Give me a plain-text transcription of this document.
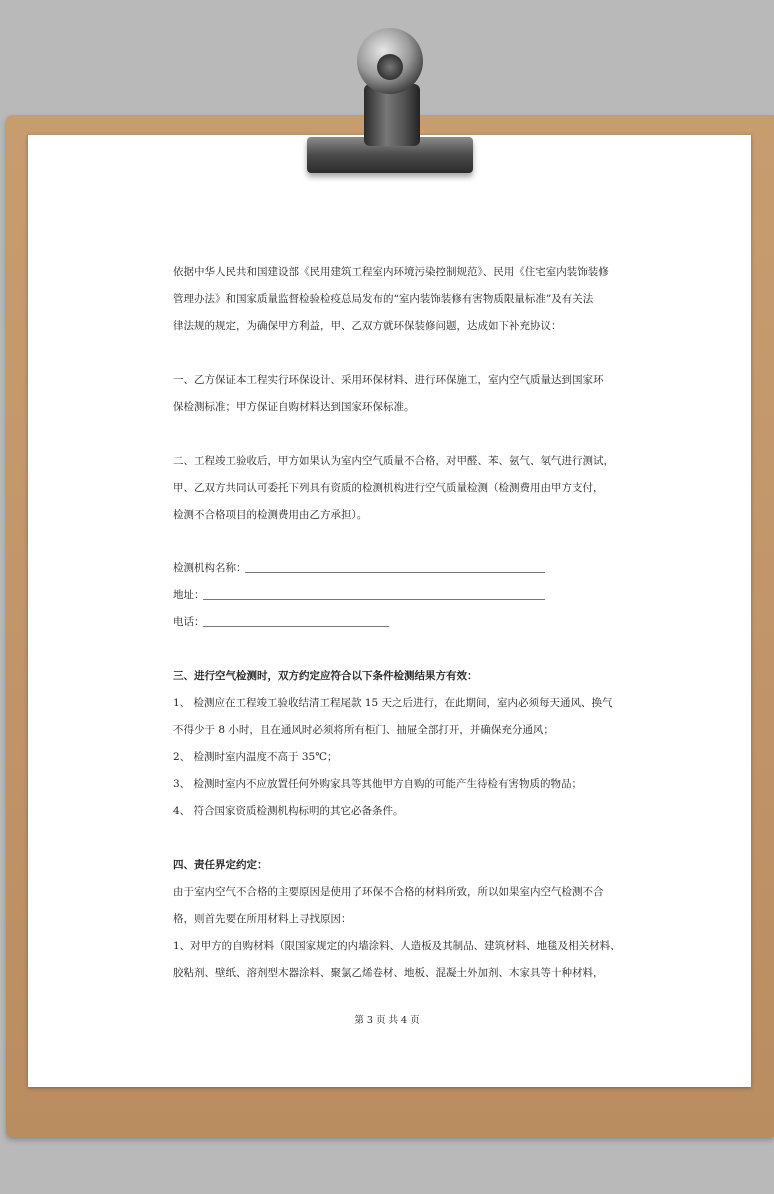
依据中华人民共和国建设部《民用建筑工程室内环境污染控制规范》、民用《住宅室内装饰装修
管理办法》和国家质量监督检验检疫总局发布的“室内装饰装修有害物质限量标准”及有关法
律法规的规定，为确保甲方利益，甲、乙双方就环保装修问题，达成如下补充协议：
一、乙方保证本工程实行环保设计、采用环保材料、进行环保施工，室内空气质量达到国家环
保检测标准；甲方保证自购材料达到国家环保标准。
二、工程竣工验收后，甲方如果认为室内空气质量不合格，对甲醛、苯、氨气、氡气进行测试，
甲、乙双方共同认可委托下列具有资质的检测机构进行空气质量检测（检测费用由甲方支付，
检测不合格项目的检测费用由乙方承担）。
检测机构名称：
地址：
电话：
三、进行空气检测时，双方约定应符合以下条件检测结果方有效：
1、 检测应在工程竣工验收结清工程尾款 15 天之后进行，在此期间，室内必须每天通风、换气
不得少于 8 小时，且在通风时必须将所有柜门、抽屉全部打开，并确保充分通风；
2、 检测时室内温度不高于 35℃；
3、 检测时室内不应放置任何外购家具等其他甲方自购的可能产生待检有害物质的物品；
4、 符合国家资质检测机构标明的其它必备条件。
四、责任界定约定：
由于室内空气不合格的主要原因是使用了环保不合格的材料所致，所以如果室内空气检测不合
格，则首先要在所用材料上寻找原因：
1、对甲方的自购材料（限国家规定的内墙涂料、人造板及其制品、建筑材料、地毯及相关材料、
胶粘剂、壁纸、溶剂型木器涂料、聚氯乙烯卷材、地板、混凝土外加剂、木家具等十种材料，
第 3 页 共 4 页
